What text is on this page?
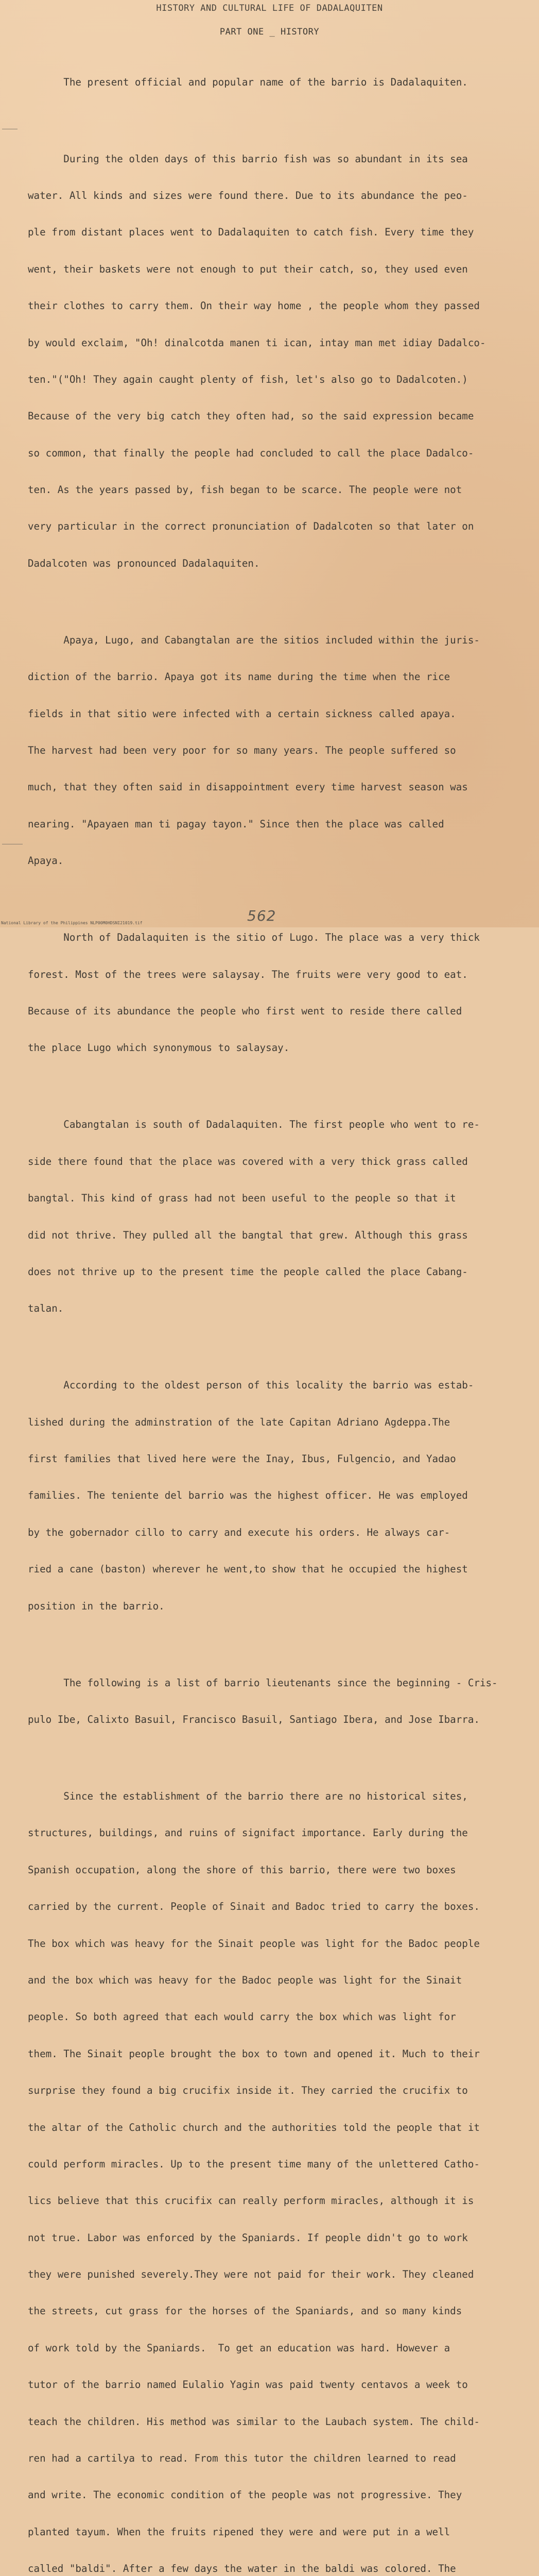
HISTORY AND CULTURAL LIFE OF DADALAQUITEN
PART ONE _ HISTORY

The present official and popular name of the barrio is Dadalaquiten.

During the olden days of this barrio fish was so abundant in its sea

water. All kinds and sizes were found there. Due to its abundance the peo-

ple from distant places went to Dadalaquiten to catch fish. Every time they

went, their baskets were not enough to put their catch, so, they used even

their clothes to carry them. On their way home , the people whom they passed

by would exclaim, "Oh! dinalcotda manen ti ican, intay man met idiay Dadalco-

ten."("Oh! They again caught plenty of fish, let's also go to Dadalcoten.)

Because of the very big catch they often had, so the said expression became

so common, that finally the people had concluded to call the place Dadalco-

ten. As the years passed by, fish began to be scarce. The people were not

very particular in the correct pronunciation of Dadalcoten so that later on

Dadalcoten was pronounced Dadalaquiten.

Apaya, Lugo, and Cabangtalan are the sitios included within the juris-

diction of the barrio. Apaya got its name during the time when the rice

fields in that sitio were infected with a certain sickness called apaya.

The harvest had been very poor for so many years. The people suffered so

much, that they often said in disappointment every time harvest season was

nearing. "Apayaen man ti pagay tayon." Since then the place was called

Apaya.

North of Dadalaquiten is the sitio of Lugo. The place was a very thick

forest. Most of the trees were salaysay. The fruits were very good to eat.

Because of its abundance the people who first went to reside there called

the place Lugo which synonymous to salaysay.

Cabangtalan is south of Dadalaquiten. The first people who went to re-

side there found that the place was covered with a very thick grass called

bangtal. This kind of grass had not been useful to the people so that it

did not thrive. They pulled all the bangtal that grew. Although this grass

does not thrive up to the present time the people called the place Cabang-

talan.

According to the oldest person of this locality the barrio was estab-

lished during the adminstration of the late Capitan Adriano Agdeppa.The

first families that lived here were the Inay, Ibus, Fulgencio, and Yadao

families. The teniente del barrio was the highest officer. He was employed

by the gobernador cillo to carry and execute his orders. He always car-

ried a cane (baston) wherever he went,to show that he occupied the highest

position in the barrio.

The following is a list of barrio lieutenants since the beginning - Cris-

pulo Ibe, Calixto Basuil, Francisco Basuil, Santiago Ibera, and Jose Ibarra.

Since the establishment of the barrio there are no historical sites,

structures, buildings, and ruins of signifact importance. Early during the

Spanish occupation, along the shore of this barrio, there were two boxes

carried by the current. People of Sinait and Badoc tried to carry the boxes.

The box which was heavy for the Sinait people was light for the Badoc people

and the box which was heavy for the Badoc people was light for the Sinait

people. So both agreed that each would carry the box which was light for

them. The Sinait people brought the box to town and opened it. Much to their

surprise they found a big crucifix inside it. They carried the crucifix to

the altar of the Catholic church and the authorities told the people that it

could perform miracles. Up to the present time many of the unlettered Catho-

lics believe that this crucifix can really perform miracles, although it is

not true. Labor was enforced by the Spaniards. If people didn't go to work

they were punished severely.They were not paid for their work. They cleaned

the streets, cut grass for the horses of the Spaniards, and so many kinds

of work told by the Spaniards.  To get an education was hard. However a

tutor of the barrio named Eulalio Yagin was paid twenty centavos a week to

teach the children. His method was similar to the Laubach system. The child-

ren had a cartilya to read. From this tutor the children learned to read

and write. The economic condition of the people was not progressive. They

planted tayum. When the fruits ripened they were and were put in a well

called "baldi". After a few days the water in the baldi was colored. The

National Library of the Philippines NLP00M0HDSNI21019.tif	562
